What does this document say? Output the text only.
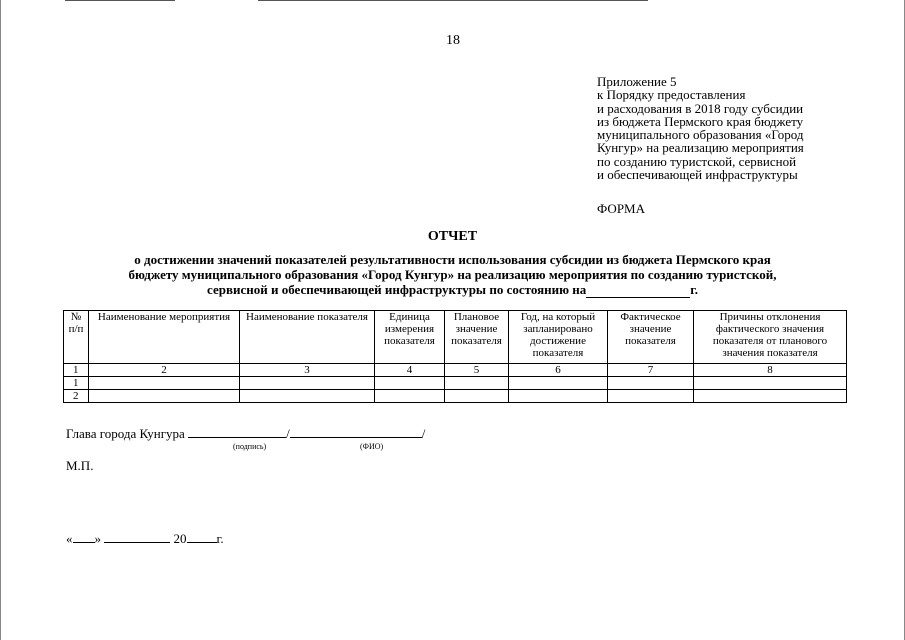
18
Приложение 5
к Порядку предоставления
и расходования в 2018 году субсидии
из бюджета Пермского края бюджету
муниципального образования «Город
Кунгур» на реализацию мероприятия
по созданию туристской, сервисной
и обеспечивающей инфраструктуры
ФОРМА
ОТЧЕТ
о достижении значений показателей результативности использования субсидии из бюджета Пермского края
бюджету муниципального образования «Город Кунгур» на реализацию мероприятия по созданию туристской,
сервисной и обеспечивающей инфраструктуры по состоянию на	г.
№ п/п	Наименование мероприятия	Наименование показателя	Единица измерения показателя	Плановое значение показателя	Год, на который запланировано достижение показателя	Фактическое значение показателя	Причины отклонения фактического значения показателя от планового значения показателя
1	2	3	4	5	6	7	8
1							
2							
Глава города Кунгура	/	/
(подпись)	(ФИО)
М.П.
« »	20 г.
